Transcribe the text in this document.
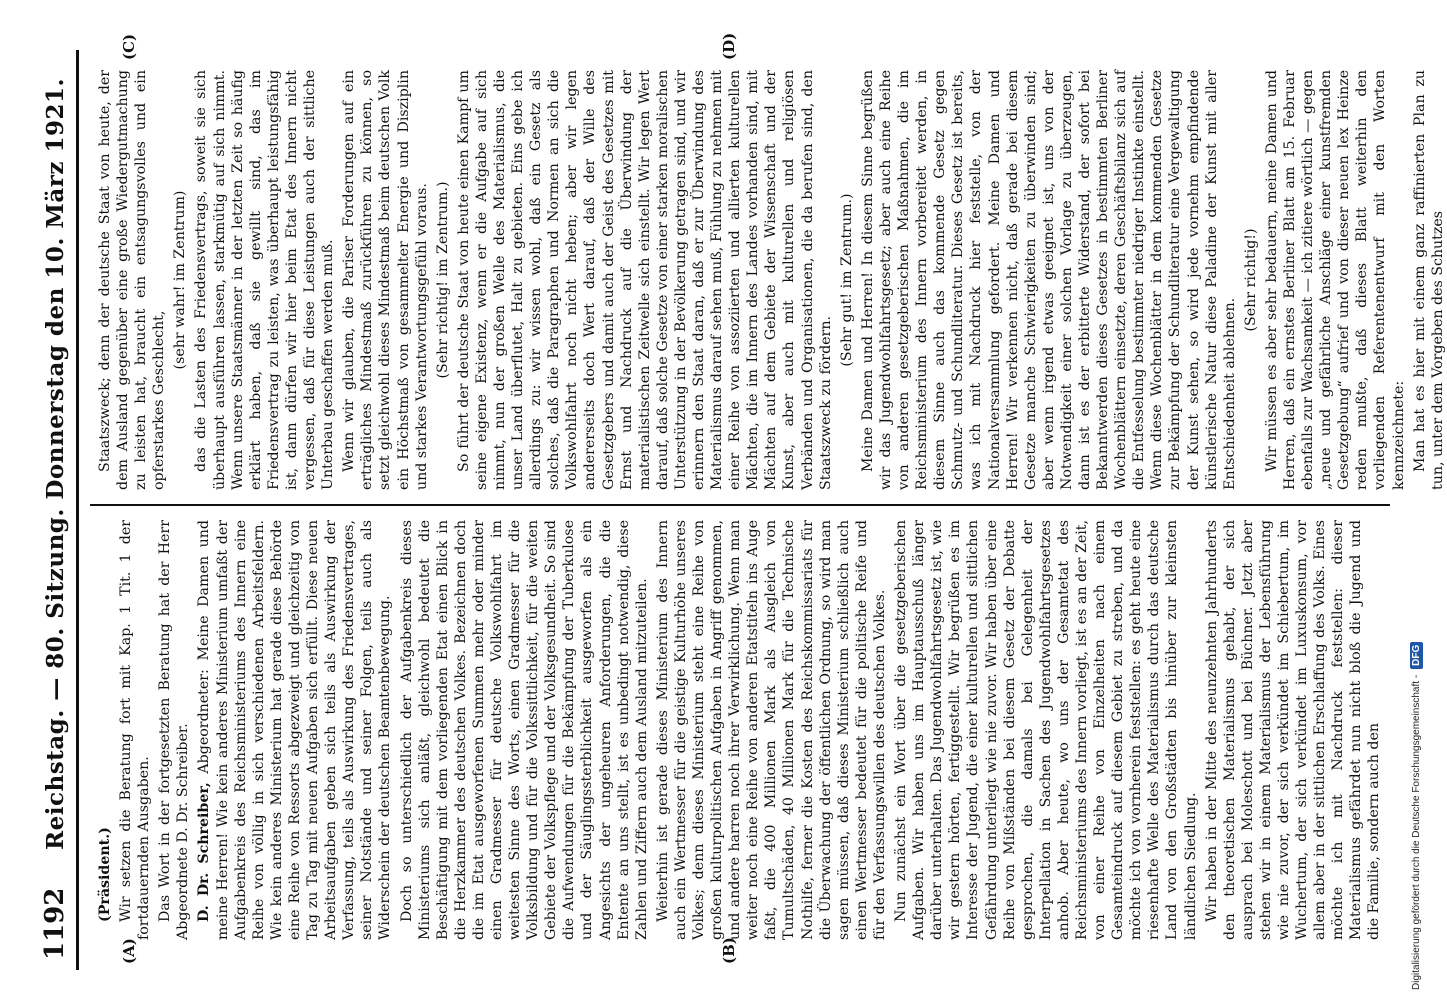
1192
Reichstag. — 80. Sitzung. Donnerstag den 10. März 1921.
(A)	(B)
(C)	(D)

(Präsident.) Wir setzen die Beratung fort mit Kap. 1 Tit. 1 der fortdauernden Ausgaben. Das Wort in der fortgesetzten Beratung hat der Herr Abgeordnete D. Dr. Schreiber. D. Dr. Schreiber, Abgeordneter: Meine Damen und meine Herren! Wie kein anderes Ministerium umfaßt der Aufgabenkreis des Reichsministeriums des Innern eine Reihe von völlig in sich verschiedenen Arbeitsfeldern. Wie kein anderes Ministerium hat gerade diese Behörde eine Reihe von Ressorts abgezweigt und gleichzeitig von Tag zu Tag mit neuen Aufgaben sich erfüllt. Diese neuen Arbeitsaufgaben geben sich teils als Auswirkung der Verfassung, teils als Auswirkung des Friedensvertrages, seiner Notstände und seiner Folgen, teils auch als Widerschein der deutschen Beamtenbewegung. Doch so unterschiedlich der Aufgabenkreis dieses Ministeriums sich anläßt, gleichwohl bedeutet die Beschäftigung mit dem vorliegenden Etat einen Blick in die Herzkammer des deutschen Volkes. Bezeichnen doch die im Etat ausgeworfenen Summen mehr oder minder einen Gradmesser für deutsche Volkswohlfahrt im weitesten Sinne des Worts, einen Gradmesser für die Volksbildung und für die Volkssittlichkeit, für die weiten Gebiete der Volkspflege und der Volksgesundheit. So sind die Aufwendungen für die Bekämpfung der Tuberkulose und der Säuglingssterblichkeit ausgeworfen als ein Angesichts der ungeheuren Anforderungen, die die Entente an uns stellt, ist es unbedingt notwendig, diese Zahlen und Ziffern auch dem Ausland mitzuteilen. Weiterhin ist gerade dieses Ministerium des Innern auch ein Wertmesser für die geistige Kulturhöhe unseres Volkes; denn dieses Ministerium steht eine Reihe von großen kulturpolitischen Aufgaben in Angriff genommen, und andere harren noch ihrer Verwirklichung. Wenn man weiter noch eine Reihe von anderen Etatstiteln ins Auge faßt, die 400 Millionen Mark als Ausgleich von Tumultschäden, 40 Millionen Mark für die Technische Nothilfe, ferner die Kosten des Reichskommissariats für die Überwachung der öffentlichen Ordnung, so wird man sagen müssen, daß dieses Ministerium schließlich auch einen Wertmesser bedeutet für die politische Reife und für den Verfassungswillen des deutschen Volkes. Nun zunächst ein Wort über die gesetzgeberischen Aufgaben. Wir haben uns im Hauptausschuß länger darüber unterhalten. Das Jugendwohlfahrtsgesetz ist, wie wir gestern hörten, fertiggestellt. Wir begrüßen es im Interesse der Jugend, die einer kulturellen und sittlichen Gefährdung unterliegt wie nie zuvor. Wir haben über eine Reihe von Mißständen bei diesem Gesetz der Debatte gesprochen, die damals bei Gelegenheit der Interpellation in Sachen des Jugendwohlfahrtsgesetzes anhob. Aber heute, wo uns der Gesamtetat des Reichsministeriums des Innern vorliegt, ist es an der Zeit, von einer Reihe von Einzelheiten nach einem Gesamteindruck auf diesem Gebiet zu streben, und da möchte ich von vornherein feststellen: es geht heute eine riesenhafte Welle des Materialismus durch das deutsche Land von den Großstädten bis hinüber zur kleinsten ländlichen Siedlung. Wir haben in der Mitte des neunzehnten Jahrhunderts den theoretischen Materialismus gehabt, der sich ausprach bei Moleschott und bei Büchner. Jetzt aber stehen wir in einem Materialismus der Lebensführung wie nie zuvor, der sich verkündet im Schiebertum, im Wuchertum, der sich verkündet im Luxuskonsum, vor allem aber in der sittlichen Erschlaffung des Volks. Eines möchte ich mit Nachdruck feststellen: dieser Materialismus gefährdet nun nicht bloß die Jugend und die Familie, sondern auch den

Staatszweck; denn der deutsche Staat von heute, der dem Ausland gegenüber eine große Wiedergutmachung zu leisten hat, braucht ein entsagungsvolles und ein opferstarkes Geschlecht,

(sehr wahr! im Zentrum) das die Lasten des Friedensvertrags, soweit sie sich überhaupt ausführen lassen, starkmütig auf sich nimmt. Wenn unsere Staatsmänner in der letzten Zeit so häufig erklärt haben, daß sie gewillt sind, das im Friedensvertrag zu leisten, was überhaupt leistungsfähig ist, dann dürfen wir hier beim Etat des Innern nicht vergessen, daß für diese Leistungen auch der sittliche Unterbau geschaffen werden muß. Wenn wir glauben, die Pariser Forderungen auf ein erträgliches Mindestmaß zurückführen zu können, so setzt gleichwohl dieses Mindestmaß beim deutschen Volk ein Höchstmaß von gesammelter Energie und Disziplin und starkes Verantwortungsgefühl voraus. (Sehr richtig! im Zentrum.) So führt der deutsche Staat von heute einen Kampf um seine eigene Existenz, wenn er die Aufgabe auf sich nimmt, nun der großen Welle des Materialismus, die unser Land überflutet, Halt zu gebieten. Eins gebe ich allerdings zu: wir wissen wohl, daß ein Gesetz als solches, daß die Paragraphen und Normen an sich die Volkswohlfahrt noch nicht heben; aber wir legen andererseits doch Wert darauf, daß der Wille des Gesetzgebers und damit auch der Geist des Gesetzes mit Ernst und Nachdruck auf die Überwindung der materialistischen Zeitwelle sich einstellt. Wir legen Wert darauf, daß solche Gesetze von einer starken moralischen Unterstützung in der Bevölkerung getragen sind, und wir erinnern den Staat daran, daß er zur Überwindung des Materialismus darauf sehen muß, Fühlung zu nehmen mit einer Reihe von assoziierten und allierten kulturellen Mächten, die im Innern des Landes vorhanden sind, mit Mächten auf dem Gebiete der Wissenschaft und der Kunst, aber auch mit kulturellen und religiösen Verbänden und Organisationen, die da berufen sind, den Staatszweck zu fördern.

(Sehr gut! im Zentrum.) Meine Damen und Herren! In diesem Sinne begrüßen wir das Jugendwohlfahrtsgesetz; aber auch eine Reihe von anderen gesetzgeberischen Maßnahmen, die im Reichsministerium des Innern vorbereitet werden, in diesem Sinne auch das kommende Gesetz gegen Schmutz- und Schundliteratur. Dieses Gesetz ist bereits, was ich mit Nachdruck hier feststelle, von der Nationalversammlung gefordert. Meine Damen und Herren! Wir verkennen nicht, daß gerade bei diesem Gesetze manche Schwierigkeiten zu überwinden sind; aber wenn irgend etwas geeignet ist, uns von der Notwendigkeit einer solchen Vorlage zu überzeugen, dann ist es der erbitterte Widerstand, der sofort bei Bekanntwerden dieses Gesetzes in bestimmten Berliner Wochenblättern einsetzte, deren Geschäftsbilanz sich auf die Entfesselung bestimmter niedriger Instinkte einstellt. Wenn diese Wochenblätter in dem kommenden Gesetze zur Bekämpfung der Schundliteratur eine Vergewaltigung der Kunst sehen, so wird jede vornehm empfindende künstlerische Natur diese Paladine der Kunst mit aller Entschiedenheit ablehnen.

(Sehr richtig!) Wir müssen es aber sehr bedauern, meine Damen und Herren, daß ein ernstes Berliner Blatt am 15. Februar ebenfalls zur Wachsamkeit — ich zitiere wörtlich — gegen „neue und gefährliche Anschläge einer kunstfremden Gesetzgebung“ aufrief und von dieser neuen lex Heinze reden mußte, daß dieses Blatt weiterhin den vorliegenden Referentenentwurf mit den Worten kennzeichnete: Man hat es hier mit einem ganz raffinierten Plan zu tun, unter dem Vorgeben des Schutzes

Digitalisierung gefördert durch die Deutsche Forschungsgemeinschaft -
DFG
